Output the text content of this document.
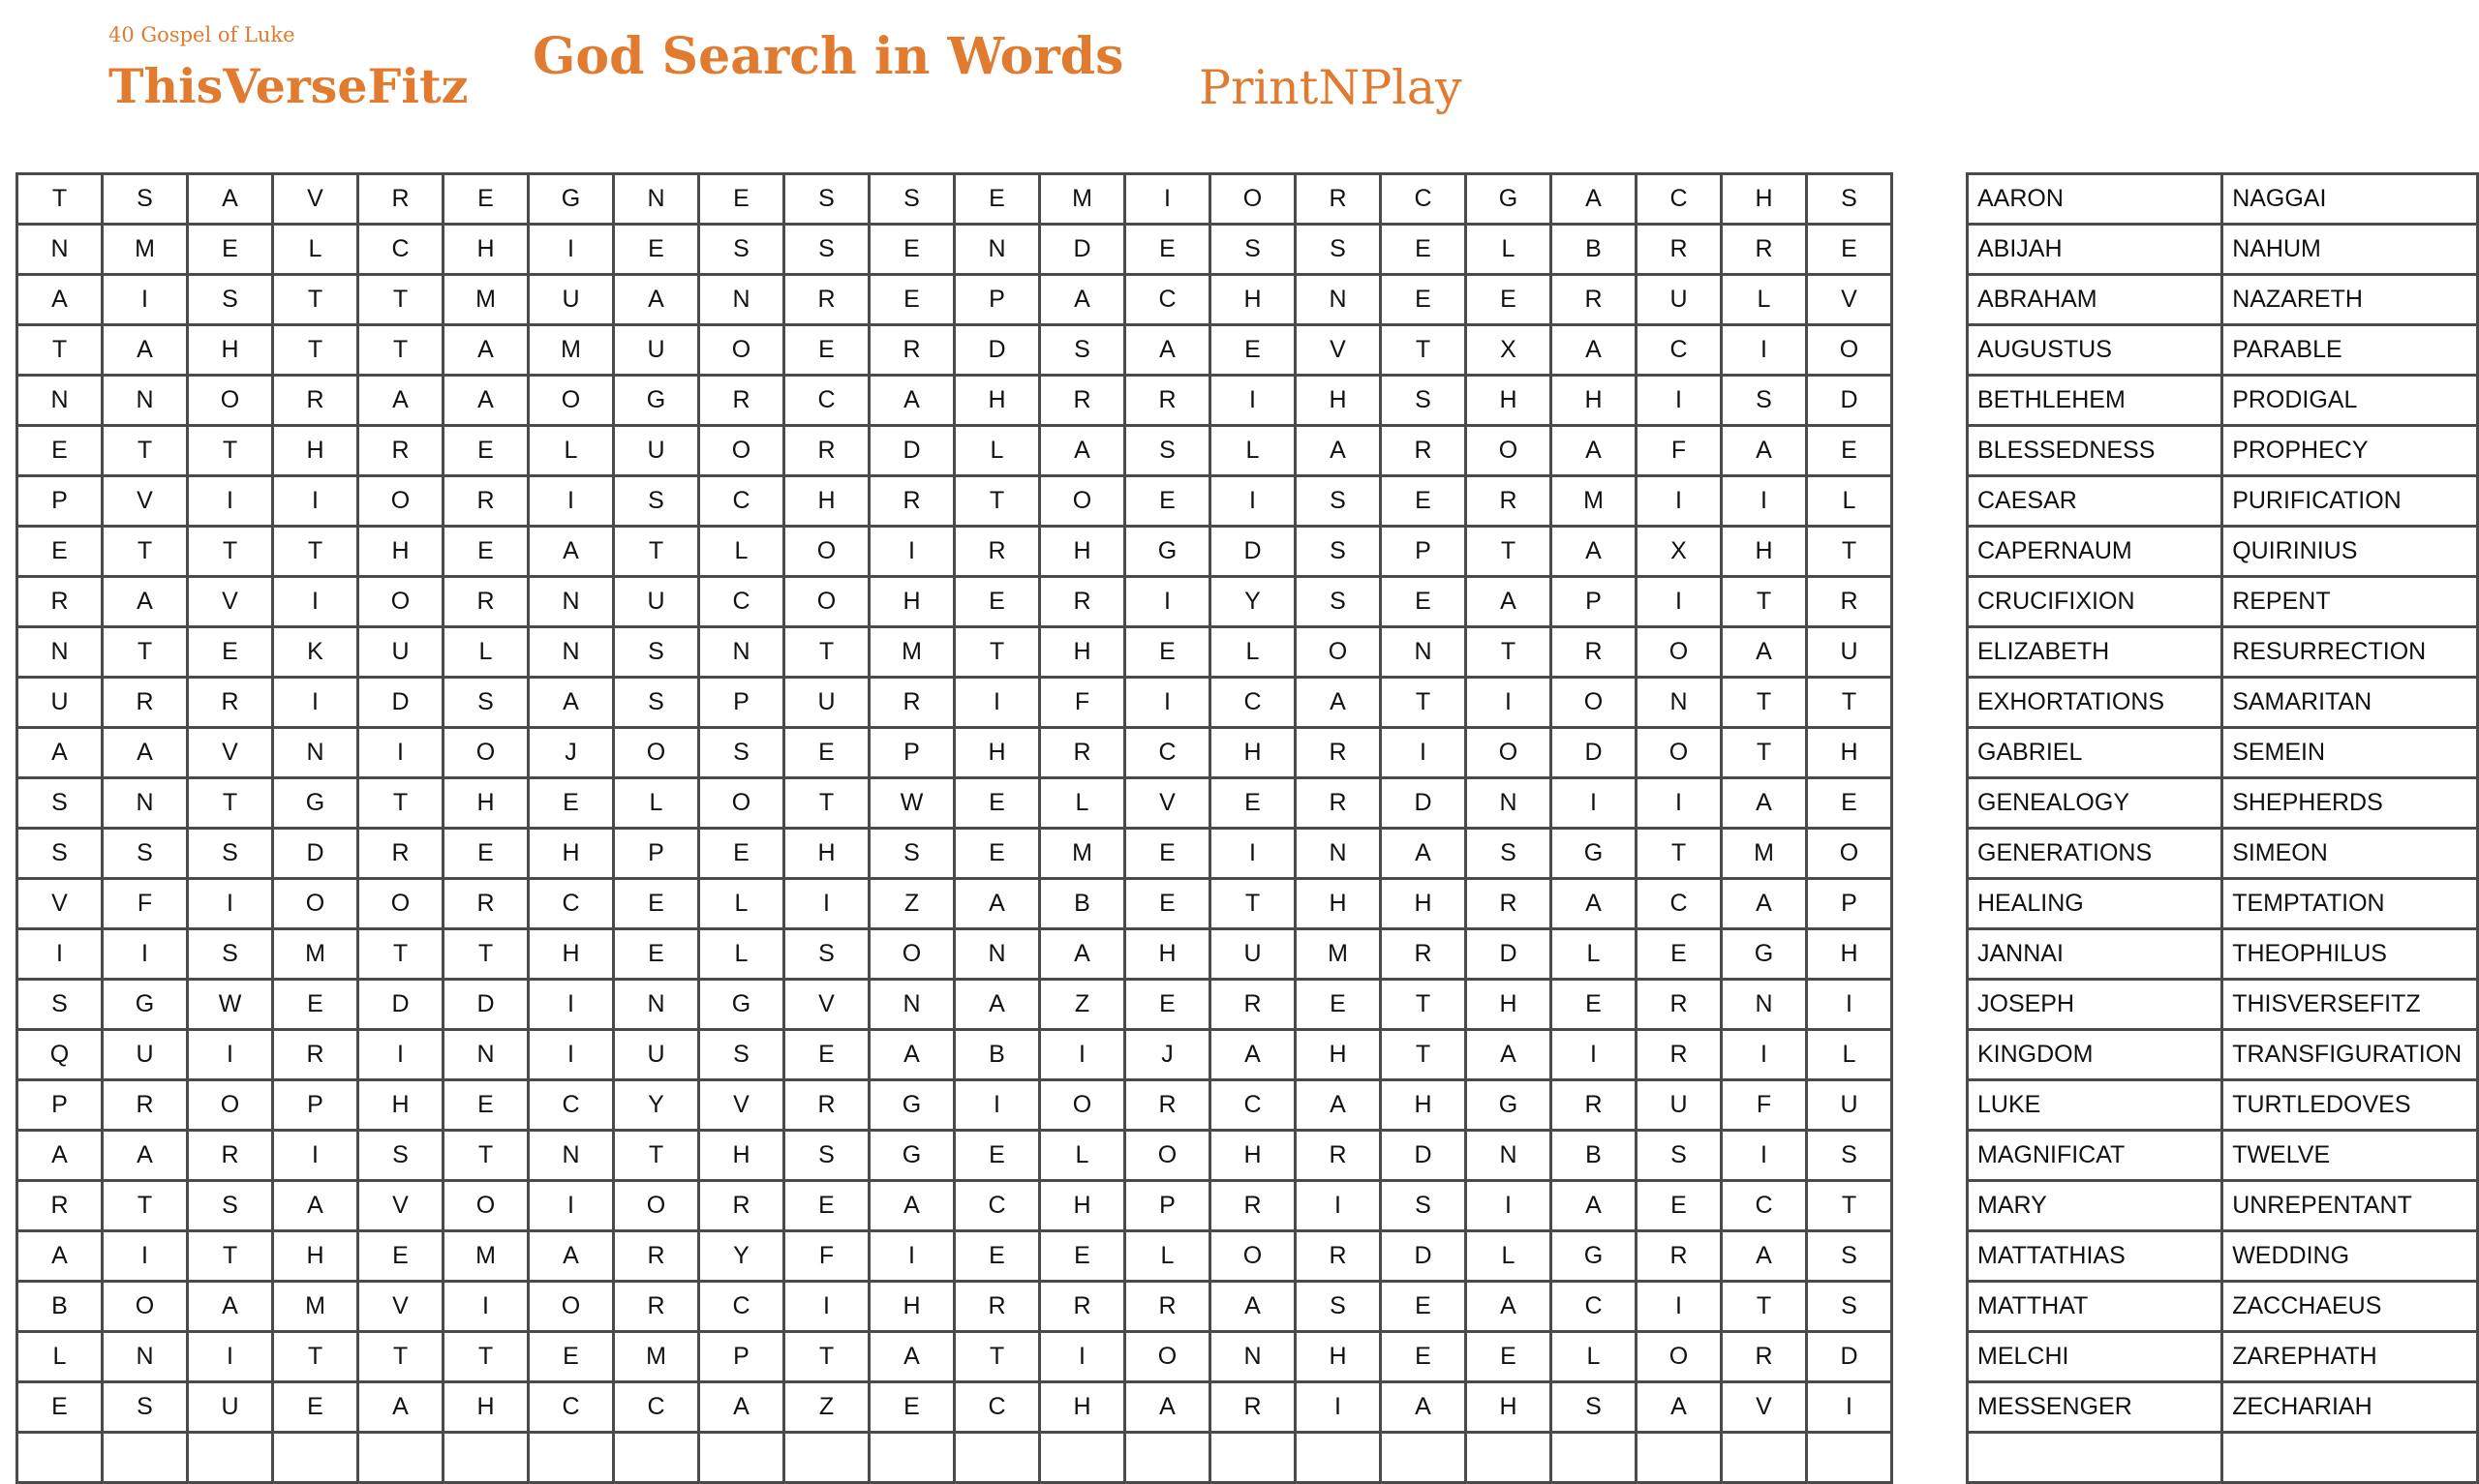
40 Gospel of Luke
ThisVerseFitz God Search in Words
PrintNPlay
T	S	A	V	R	E	G	N	E	S	S	E	M	I	O	R	C	G	A	C	H	S
N	M	E	L	C	H	I	E	S	S	E	N	D	E	S	S	E	L	B	R	R	E
A	I	S	T	T	M	U	A	N	R	E	P	A	C	H	N	E	E	R	U	L	V
T	A	H	T	T	A	M	U	O	E	R	D	S	A	E	V	T	X	A	C	I	O
N	N	O	R	A	A	O	G	R	C	A	H	R	R	I	H	S	H	H	I	S	D
E	T	T	H	R	E	L	U	O	R	D	L	A	S	L	A	R	O	A	F	A	E
P	V	I	I	O	R	I	S	C	H	R	T	O	E	I	S	E	R	M	I	I	L
E	T	T	T	H	E	A	T	L	O	I	R	H	G	D	S	P	T	A	X	H	T
R	A	V	I	O	R	N	U	C	O	H	E	R	I	Y	S	E	A	P	I	T	R
N	T	E	K	U	L	N	S	N	T	M	T	H	E	L	O	N	T	R	O	A	U
U	R	R	I	D	S	A	S	P	U	R	I	F	I	C	A	T	I	O	N	T	T
A	A	V	N	I	O	J	O	S	E	P	H	R	C	H	R	I	O	D	O	T	H
S	N	T	G	T	H	E	L	O	T	W	E	L	V	E	R	D	N	I	I	A	E
S	S	S	D	R	E	H	P	E	H	S	E	M	E	I	N	A	S	G	T	M	O
V	F	I	O	O	R	C	E	L	I	Z	A	B	E	T	H	H	R	A	C	A	P
I	I	S	M	T	T	H	E	L	S	O	N	A	H	U	M	R	D	L	E	G	H
S	G	W	E	D	D	I	N	G	V	N	A	Z	E	R	E	T	H	E	R	N	I
Q	U	I	R	I	N	I	U	S	E	A	B	I	J	A	H	T	A	I	R	I	L
P	R	O	P	H	E	C	Y	V	R	G	I	O	R	C	A	H	G	R	U	F	U
A	A	R	I	S	T	N	T	H	S	G	E	L	O	H	R	D	N	B	S	I	S
R	T	S	A	V	O	I	O	R	E	A	C	H	P	R	I	S	I	A	E	C	T
A	I	T	H	E	M	A	R	Y	F	I	E	E	L	O	R	D	L	G	R	A	S
B	O	A	M	V	I	O	R	C	I	H	R	R	R	A	S	E	A	C	I	T	S
L	N	I	T	T	T	E	M	P	T	A	T	I	O	N	H	E	E	L	O	R	D
E	S	U	E	A	H	C	C	A	Z	E	C	H	A	R	I	A	H	S	A	V	I

AARON	NAGGAI
ABIJAH	NAHUM
ABRAHAM	NAZARETH
AUGUSTUS	PARABLE
BETHLEHEM	PRODIGAL
BLESSEDNESS	PROPHECY
CAESAR	PURIFICATION
CAPERNAUM	QUIRINIUS
CRUCIFIXION	REPENT
ELIZABETH	RESURRECTION
EXHORTATIONS	SAMARITAN
GABRIEL	SEMEIN
GENEALOGY	SHEPHERDS
GENERATIONS	SIMEON
HEALING	TEMPTATION
JANNAI	THEOPHILUS
JOSEPH	THISVERSEFITZ
KINGDOM	TRANSFIGURATION
LUKE	TURTLEDOVES
MAGNIFICAT	TWELVE
MARY	UNREPENTANT
MATTATHIAS	WEDDING
MATTHAT	ZACCHAEUS
MELCHI	ZAREPHATH
MESSENGER	ZECHARIAH
